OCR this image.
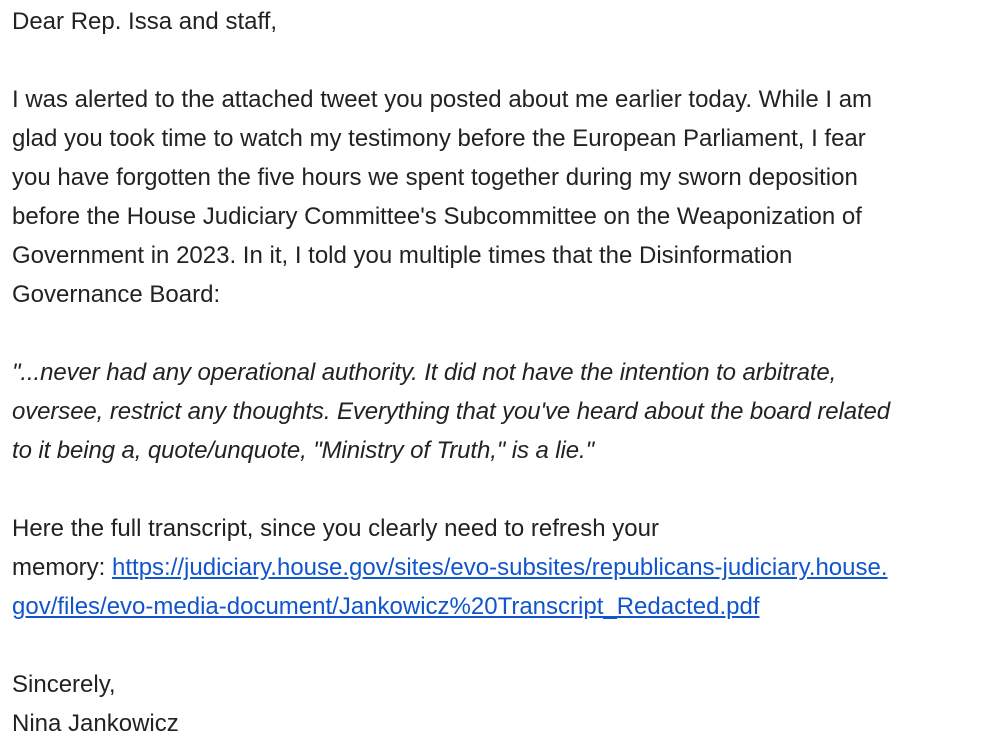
Dear Rep. Issa and staff,

I was alerted to the attached tweet you posted about me earlier today. While I am
glad you took time to watch my testimony before the European Parliament, I fear
you have forgotten the five hours we spent together during my sworn deposition
before the House Judiciary Committee's Subcommittee on the Weaponization of
Government in 2023. In it, I told you multiple times that the Disinformation
Governance Board:

"...never had any operational authority. It did not have the intention to arbitrate,
oversee, restrict any thoughts. Everything that you've heard about the board related
to it being a, quote/unquote, "Ministry of Truth," is a lie."

Here the full transcript, since you clearly need to refresh your
memory: https://judiciary.house.gov/sites/evo-subsites/republicans-judiciary.house.
gov/files/evo-media-document/Jankowicz%20Transcript_Redacted.pdf

Sincerely,

Nina Jankowicz
